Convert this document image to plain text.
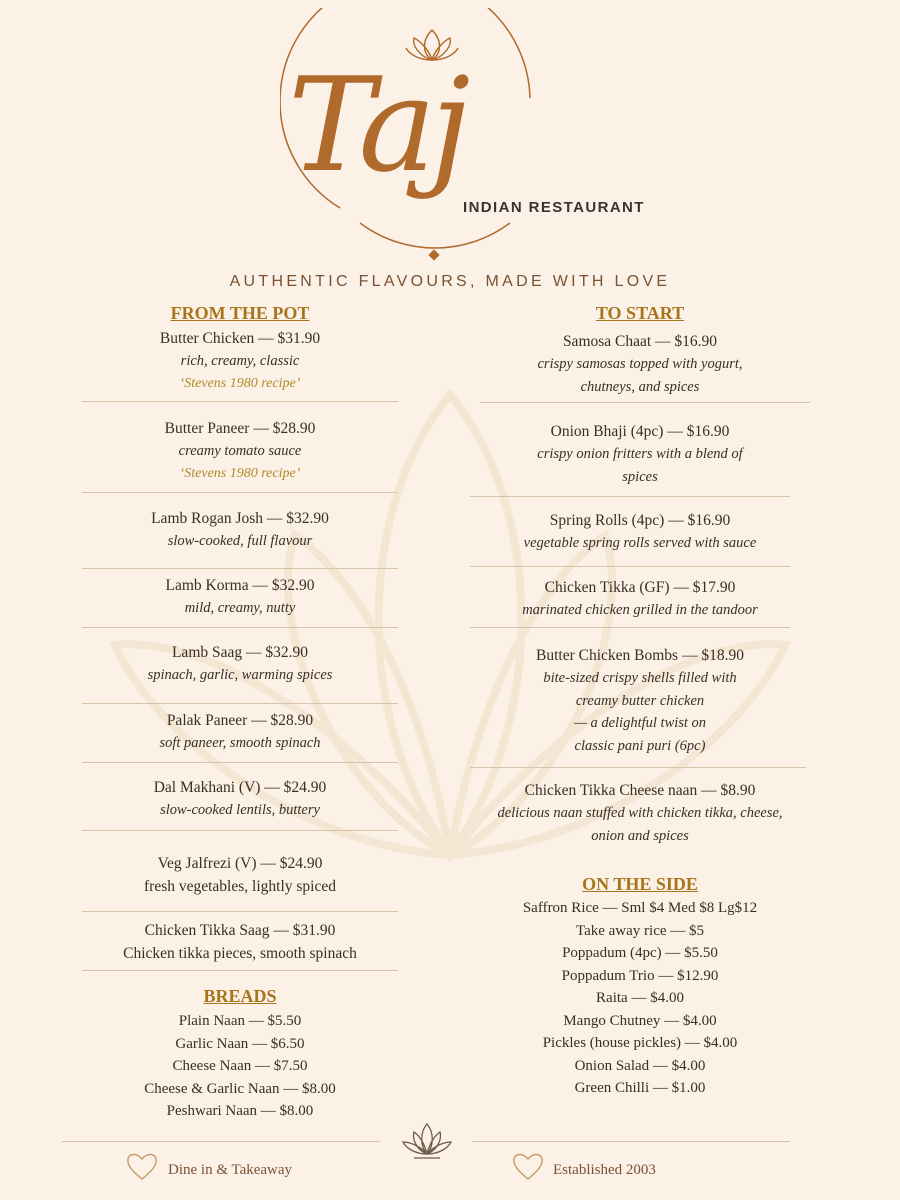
Taj
INDIAN RESTAURANT
AUTHENTIC FLAVOURS, MADE WITH LOVE
FROM THE POT
Butter Chicken — $31.90
rich, creamy, classic
‘Stevens 1980 recipe’
Butter Paneer — $28.90
creamy tomato sauce
‘Stevens 1980 recipe’
Lamb Rogan Josh — $32.90
slow-cooked, full flavour
Lamb Korma — $32.90
mild, creamy, nutty
Lamb Saag — $32.90
spinach, garlic, warming spices
Palak Paneer — $28.90
soft paneer, smooth spinach
Dal Makhani (V) — $24.90
slow-cooked lentils, buttery
Veg Jalfrezi (V) — $24.90
fresh vegetables, lightly spiced
Chicken Tikka Saag — $31.90
Chicken tikka pieces, smooth spinach
BREADS
Plain Naan — $5.50
Garlic Naan — $6.50
Cheese Naan — $7.50
Cheese & Garlic Naan — $8.00
Peshwari Naan — $8.00
TO START
Samosa Chaat — $16.90
crispy samosas topped with yogurt,
chutneys, and spices
Onion Bhaji (4pc) — $16.90
crispy onion fritters with a blend of
spices
Spring Rolls (4pc) — $16.90
vegetable spring rolls served with sauce
Chicken Tikka (GF) — $17.90
marinated chicken grilled in the tandoor
Butter Chicken Bombs — $18.90
bite-sized crispy shells filled with
creamy butter chicken
— a delightful twist on
classic pani puri (6pc)
Chicken Tikka Cheese naan — $8.90
delicious naan stuffed with chicken tikka, cheese,
onion and spices
ON THE SIDE
Saffron Rice — Sml $4 Med $8 Lg$12
Take away rice — $5
Poppadum (4pc) — $5.50
Poppadum Trio — $12.90
Raita — $4.00
Mango Chutney — $4.00
Pickles (house pickles) — $4.00
Onion Salad — $4.00
Green Chilli — $1.00
Dine in & Takeaway	Established 2003
